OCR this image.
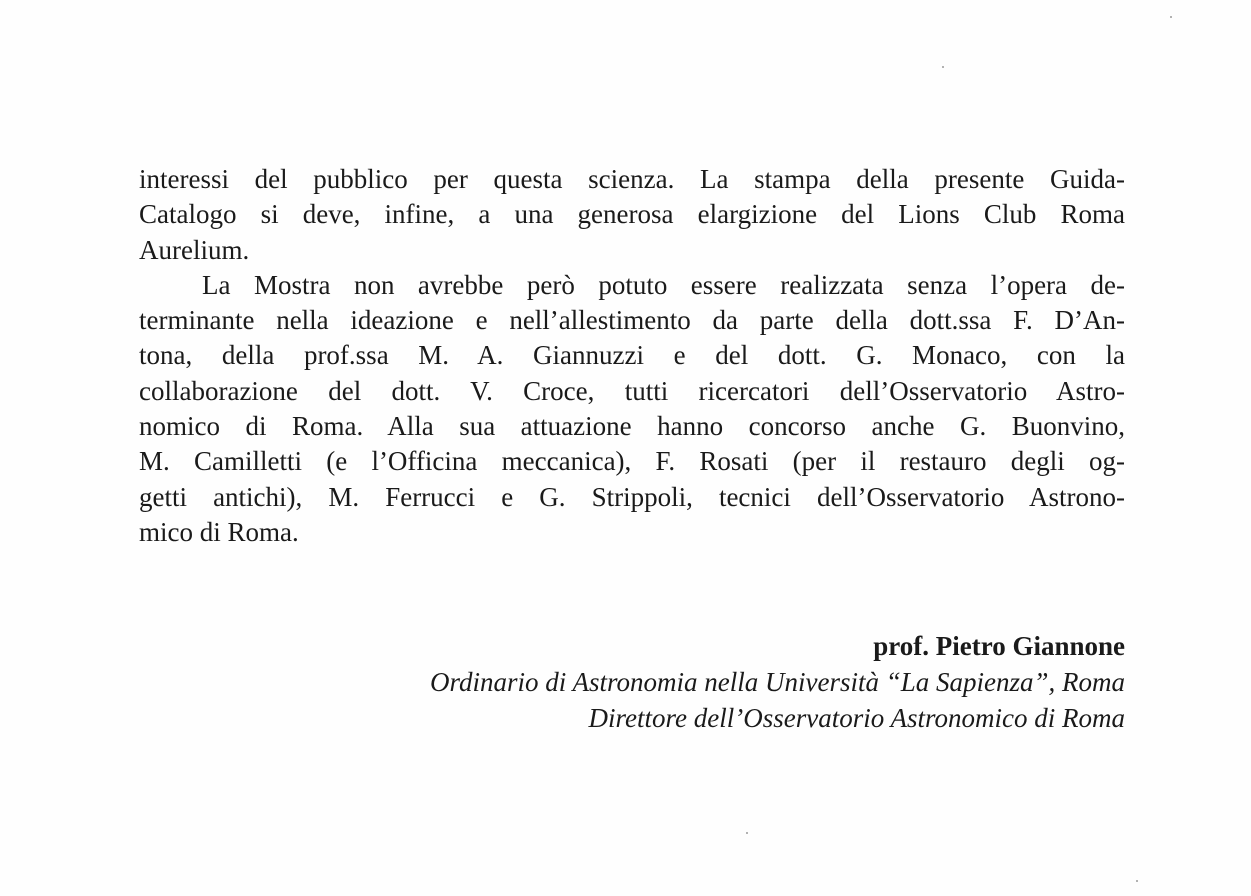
interessi del pubblico per questa scienza. La stampa della presente Guida-
Catalogo si deve, infine, a una generosa elargizione del Lions Club Roma
Aurelium.
La Mostra non avrebbe però potuto essere realizzata senza l’opera de-
terminante nella ideazione e nell’allestimento da parte della dott.ssa F. D’An-
tona, della prof.ssa M. A. Giannuzzi e del dott. G. Monaco, con la
collaborazione del dott. V. Croce, tutti ricercatori dell’Osservatorio Astro-
nomico di Roma. Alla sua attuazione hanno concorso anche G. Buonvino,
M. Camilletti (e l’Officina meccanica), F. Rosati (per il restauro degli og-
getti antichi), M. Ferrucci e G. Strippoli, tecnici dell’Osservatorio Astrono-
mico di Roma.
prof. Pietro Giannone
Ordinario di Astronomia nella Università “La Sapienza”, Roma
Direttore dell’Osservatorio Astronomico di Roma
